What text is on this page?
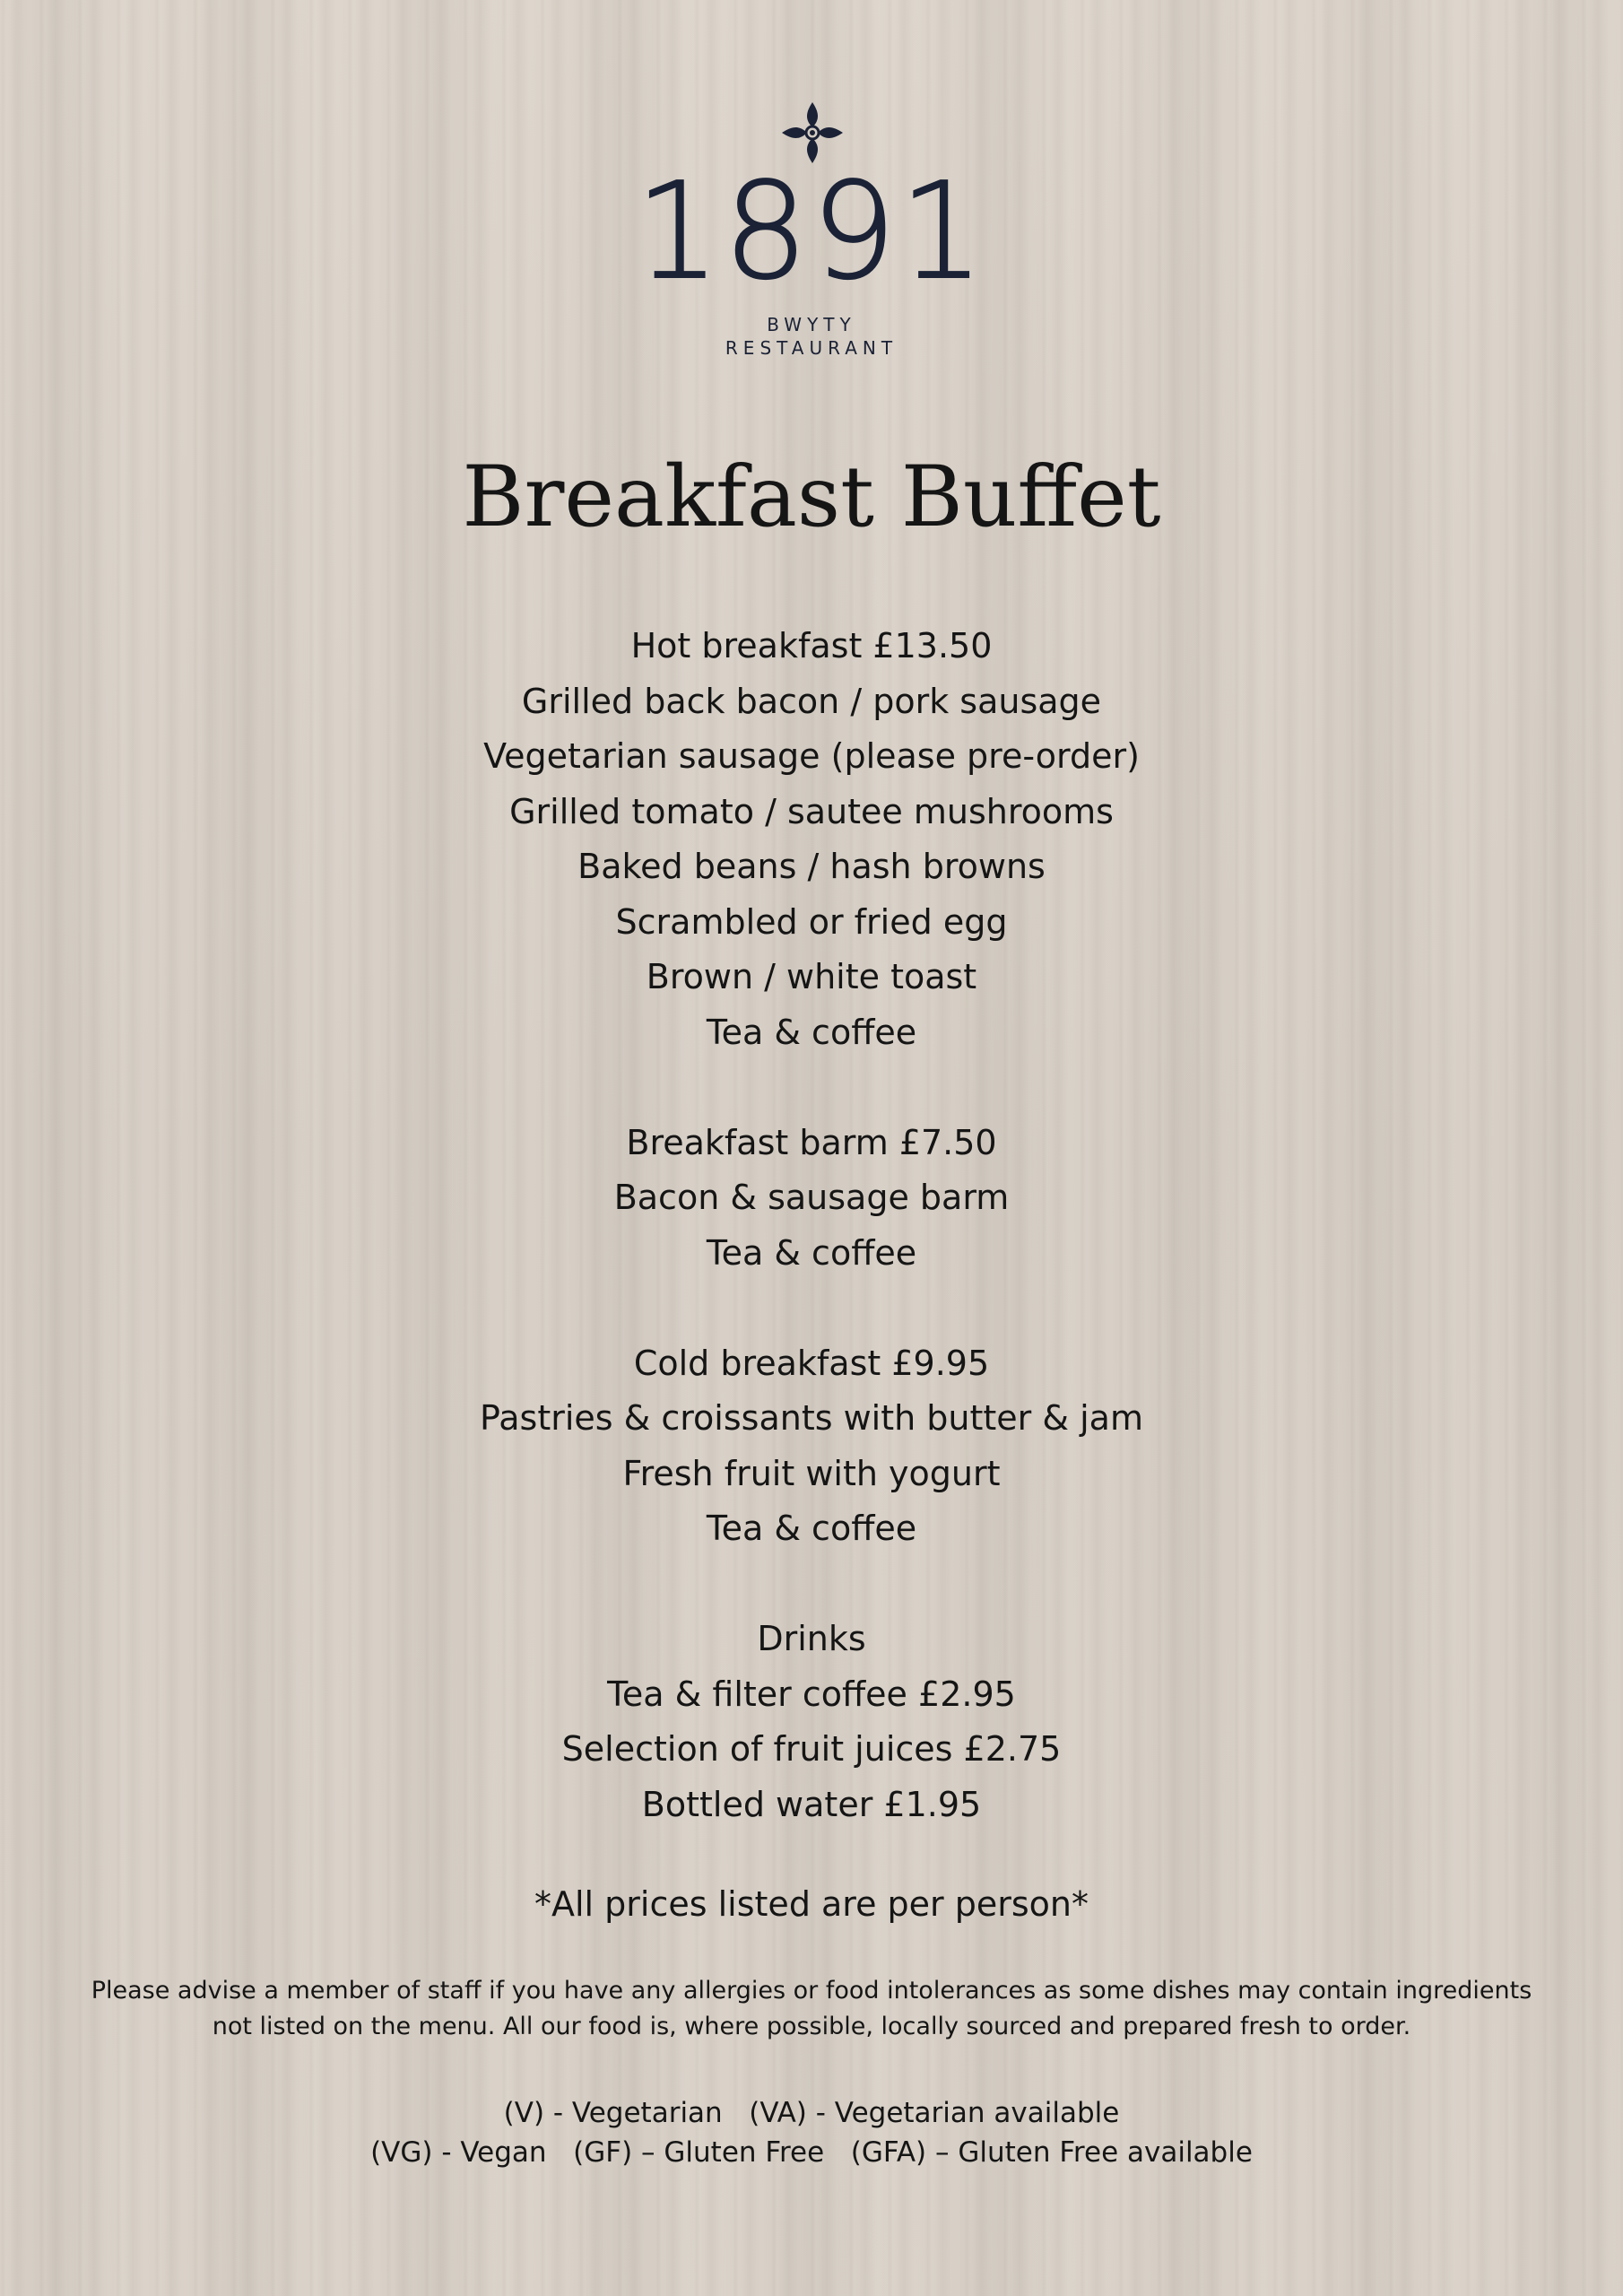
1891
BWYTY
RESTAURANT
Breakfast Buffet
Hot breakfast £13.50
Grilled back bacon / pork sausage
Vegetarian sausage (please pre-order)
Grilled tomato / sautee mushrooms
Baked beans / hash browns
Scrambled or fried egg
Brown / white toast
Tea & coffee
Breakfast barm £7.50
Bacon & sausage barm
Tea & coffee
Cold breakfast £9.95
Pastries & croissants with butter & jam
Fresh fruit with yogurt
Tea & coffee
Drinks
Tea & filter coffee £2.95
Selection of fruit juices £2.75
Bottled water £1.95
*All prices listed are per person*
Please advise a member of staff if you have any allergies or food intolerances as some dishes may contain ingredients not listed on the menu. All our food is, where possible, locally sourced and prepared fresh to order.
(V) - Vegetarian   (VA) - Vegetarian available
(VG) - Vegan   (GF) – Gluten Free   (GFA) – Gluten Free available
